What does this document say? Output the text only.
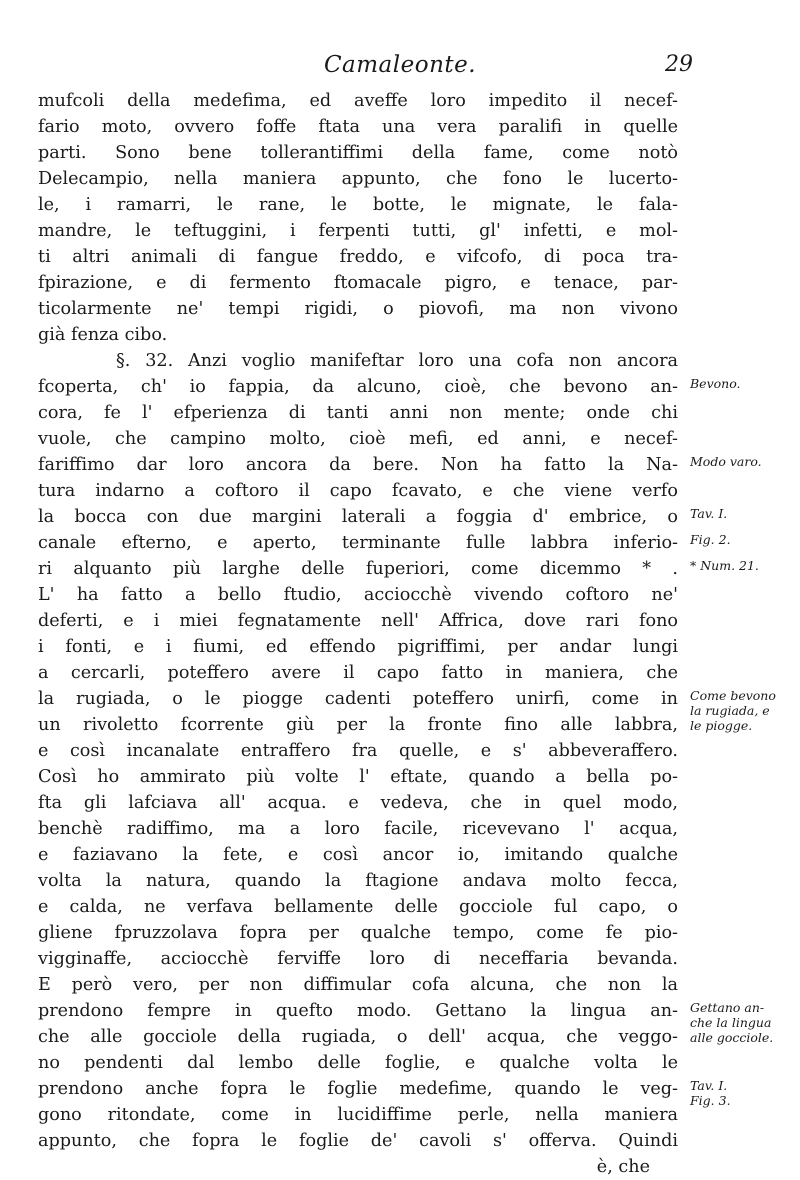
Camaleonte.	29
mufcoli della medefima, ed aveffe loro impedito il necef-
fario moto, ovvero foffe ftata una vera paralifi in quelle
parti. Sono bene tollerantiffimi della fame, come notò
Delecampio, nella maniera appunto, che fono le lucerto-
le, i ramarri, le rane, le botte, le mignate, le fala-
mandre, le teftuggini, i ferpenti tutti, gl' infetti, e mol-
ti altri animali di fangue freddo, e vifcofo, di poca tra-
fpirazione, e di fermento ftomacale pigro, e tenace, par-
ticolarmente ne' tempi rigidi, o piovofi, ma non vivono
già fenza cibo.
§. 32. Anzi voglio manifeftar loro una cofa non ancora
fcoperta, ch' io fappia, da alcuno, cioè, che bevono an-
cora, fe l' efperienza di tanti anni non mente; onde chi
vuole, che campino molto, cioè mefi, ed anni, e necef-
fariffimo dar loro ancora da bere. Non ha fatto la Na-
tura indarno a coftoro il capo fcavato, e che viene verfo
la bocca con due margini laterali a foggia d' embrice, o
canale efterno, e aperto, terminante fulle labbra inferio-
ri alquanto più larghe delle fuperiori, come dicemmo * .
L' ha fatto a bello ftudio, acciocchè vivendo coftoro ne'
deferti, e i miei fegnatamente nell' Affrica, dove rari fono
i fonti, e i fiumi, ed effendo pigriffimi, per andar lungi
a cercarli, poteffero avere il capo fatto in maniera, che
la rugiada, o le piogge cadenti poteffero unirfi, come in
un rivoletto fcorrente giù per la fronte fino alle labbra,
e così incanalate entraffero fra quelle, e s' abbeveraffero.
Così ho ammirato più volte l' eftate, quando a bella po-
fta gli lafciava all' acqua. e vedeva, che in quel modo,
benchè radiffimo, ma a loro facile, ricevevano l' acqua,
e faziavano la fete, e così ancor io, imitando qualche
volta la natura, quando la ftagione andava molto fecca,
e calda, ne verfava bellamente delle gocciole ful capo, o
gliene fpruzzolava fopra per qualche tempo, come fe pio-
vigginaffe, acciocchè ferviffe loro di neceffaria bevanda.
E però vero, per non diffimular cofa alcuna, che non la
prendono fempre in quefto modo. Gettano la lingua an-
che alle gocciole della rugiada, o dell' acqua, che veggo-
no pendenti dal lembo delle foglie, e qualche volta le
prendono anche fopra le foglie medefime, quando le veg-
gono ritondate, come in lucidiffime perle, nella maniera
appunto, che fopra le foglie de' cavoli s' offerva. Quindi
è, che
Bevono.
Modo varo.
Tav. I.
Fig. 2.
* Num. 21.
Come bevono
la rugiada, e
le piogge.
Gettano an-
che la lingua
alle gocciole.
Tav. I.
Fig. 3.
